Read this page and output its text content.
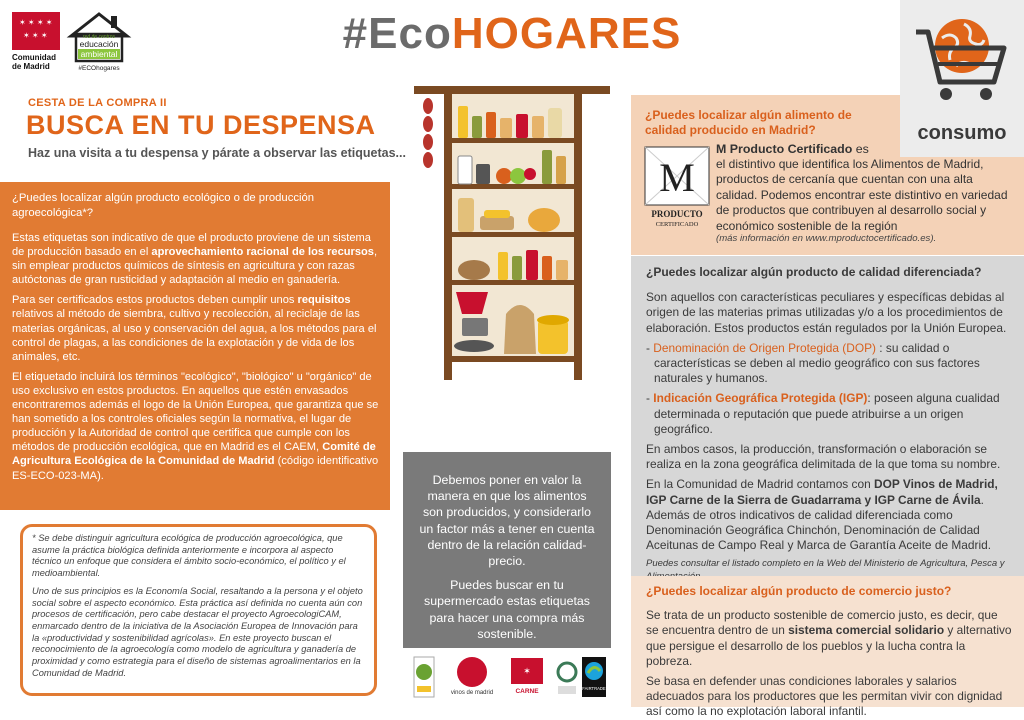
✶ ✶ ✶ ✶
✶ ✶ ✶
Comunidad de Madrid
red de centros
educación
ambiental
#ECOhogares
#EcoHOGARES
consumo
CESTA DE LA COMPRA II
BUSCA EN TU DESPENSA
Haz una visita a tu despensa y párate a observar las etiquetas...
¿Puedes localizar algún producto ecológico o de producción agroecológica*?

Estas etiquetas son indicativo de que el producto proviene de un sistema de producción basado en el aprovechamiento racional de los recursos, sin emplear productos químicos de síntesis en agricultura y con razas autóctonas de gran rusticidad y adaptación al medio en ganadería.

Para ser certificados estos productos deben cumplir unos requisitos relativos al método de siembra, cultivo y recolección, al reciclaje de las materias orgánicas, al uso y conservación del agua, a los métodos para el control de plagas, a las condiciones de la explotación y de vida de los animales, etc.

El etiquetado incluirá los términos "ecológico", "biológico" u "orgánico" de uso exclusivo en estos productos. En aquellos que estén envasados encontraremos además el logo de la Unión Europea, que garantiza que se han sometido a los controles oficiales según la normativa, el lugar de producción y la Autoridad de control que certifica que cumple con los métodos de producción ecológica, que en Madrid es el CAEM, Comité de Agricultura Ecológica de la Comunidad de Madrid (código identificativo ES-ECO-023-MA).

* Se debe distinguir agricultura ecológica de producción agroecológica, que asume la práctica biológica definida anteriormente e incorpora al aspecto técnico un enfoque que considera el ámbito socio-económico, el político y el medioambiental.

Uno de sus principios es la Economía Social, resaltando a la persona y el objeto social sobre el aspecto económico. Esta práctica así definida no cuenta aún con procesos de certificación, pero cabe destacar el proyecto AgroecologiCAM, enmarcado dentro de la iniciativa de la Asociación Europea de Innovación para la «productividad y sostenibilidad agrícolas». En este proyecto buscan el reconocimiento de la agroecología como modelo de agricultura y ganadería de proximidad y como estrategia para el diseño de sistemas agroalimentarios en la Comunidad de Madrid.

Debemos poner en valor la manera en que los alimentos son producidos, y considerarlo un factor más a tener en cuenta dentro de la relación calidad-precio.

Puedes buscar en tu supermercado estas etiquetas para hacer una compra más sostenible.

vinos de madrid
✶
CARNE	FAIRTRADE
¿Puedes localizar algún alimento de calidad producido en Madrid?
M
PRODUCTO
CERTIFICADO
M Producto Certificado es
el distintivo que identifica los Alimentos de Madrid, productos de cercanía que cuentan con una alta calidad. Podemos encontrar este distintivo en variedad de productos que contribuyen al desarrollo social y económico sostenible de la región
(más información en www.mproductocertificado.es).
¿Puedes localizar algún producto de calidad diferenciada?

Son aquellos con características peculiares y específicas debidas al origen de las materias primas utilizadas y/o a los procedimientos de elaboración. Estos productos están regulados por la Unión Europea.

- Denominación de Origen Protegida (DOP) : su calidad o características se deben al medio geográfico con sus factores naturales y humanos.

- Indicación Geográfica Protegida (IGP): poseen alguna cualidad determinada o reputación que puede atribuirse a un origen geográfico.

En ambos casos, la producción, transformación o elaboración se realiza en la zona geográfica delimitada de la que toma su nombre.

En la Comunidad de Madrid contamos con DOP Vinos de Madrid, IGP Carne de la Sierra de Guadarrama y IGP Carne de Ávila. Además de otros indicativos de calidad diferenciada como Denominación Geográfica Chinchón, Denominación de Calidad Aceitunas de Campo Real y Marca de Garantía Aceite de Madrid.

Puedes consultar el listado completo en la Web del Ministerio de Agricultura, Pesca y

¿Puedes localizar algún producto de comercio justo?

Se trata de un producto sostenible de comercio justo, es decir, que se encuentra dentro de un sistema comercial solidario y alternativo que persigue el desarrollo de los pueblos y la lucha contra la pobreza.

Se basa en defender unas condiciones laborales y salarios adecuados para los productores que les permitan vivir con dignidad así como la no explotación laboral infantil.
